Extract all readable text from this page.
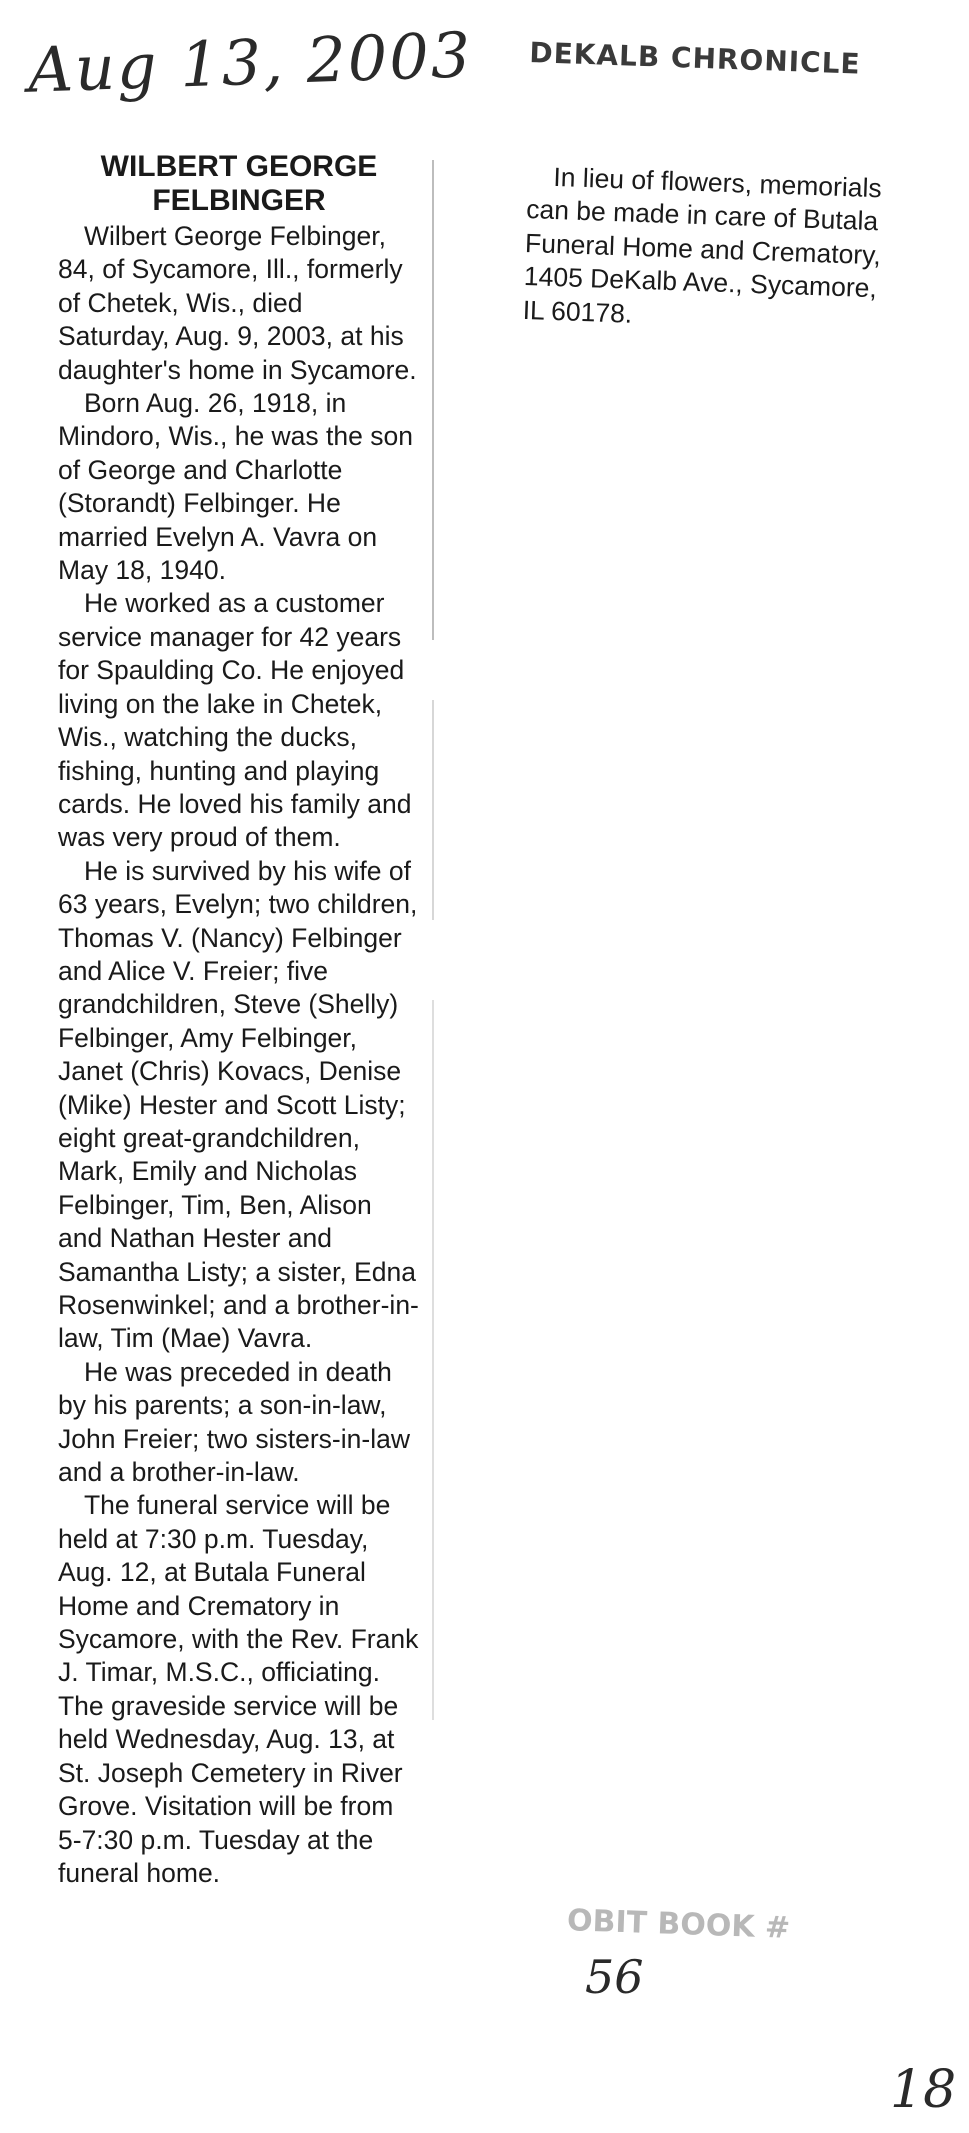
Aug 13, 2003 DEKALB CHRONICLE
WILBERT GEORGE FELBINGER

Wilbert George Felbinger, 84, of Sycamore, Ill., formerly of Chetek, Wis., died Saturday, Aug. 9, 2003, at his daughter's home in Sycamore.

Born Aug. 26, 1918, in Mindoro, Wis., he was the son of George and Charlotte (Storandt) Felbinger. He married Evelyn A. Vavra on May 18, 1940.

He worked as a customer service manager for 42 years for Spaulding Co. He enjoyed living on the lake in Chetek, Wis., watching the ducks, fishing, hunting and playing cards. He loved his family and was very proud of them.

He is survived by his wife of 63 years, Evelyn; two children, Thomas V. (Nancy) Felbinger and Alice V. Freier; five grandchildren, Steve (Shelly) Felbinger, Amy Felbinger, Janet (Chris) Kovacs, Denise (Mike) Hester and Scott Listy; eight great-grandchildren, Mark, Emily and Nicholas Felbinger, Tim, Ben, Alison and Nathan Hester and Samantha Listy; a sister, Edna Rosenwinkel; and a brother-in-law, Tim (Mae) Vavra.

He was preceded in death by his parents; a son-in-law, John Freier; two sisters-in-law and a brother-in-law.

The funeral service will be held at 7:30 p.m. Tuesday, Aug. 12, at Butala Funeral Home and Crematory in Sycamore, with the Rev. Frank J. Timar, M.S.C., officiating. The graveside service will be held Wednesday, Aug. 13, at St. Joseph Cemetery in River Grove. Visitation will be from 5-7:30 p.m. Tuesday at the funeral home.

In lieu of flowers, memorials can be made in care of Butala Funeral Home and Crematory, 1405 DeKalb Ave., Sycamore, IL 60178.

OBIT BOOK #
56
18
